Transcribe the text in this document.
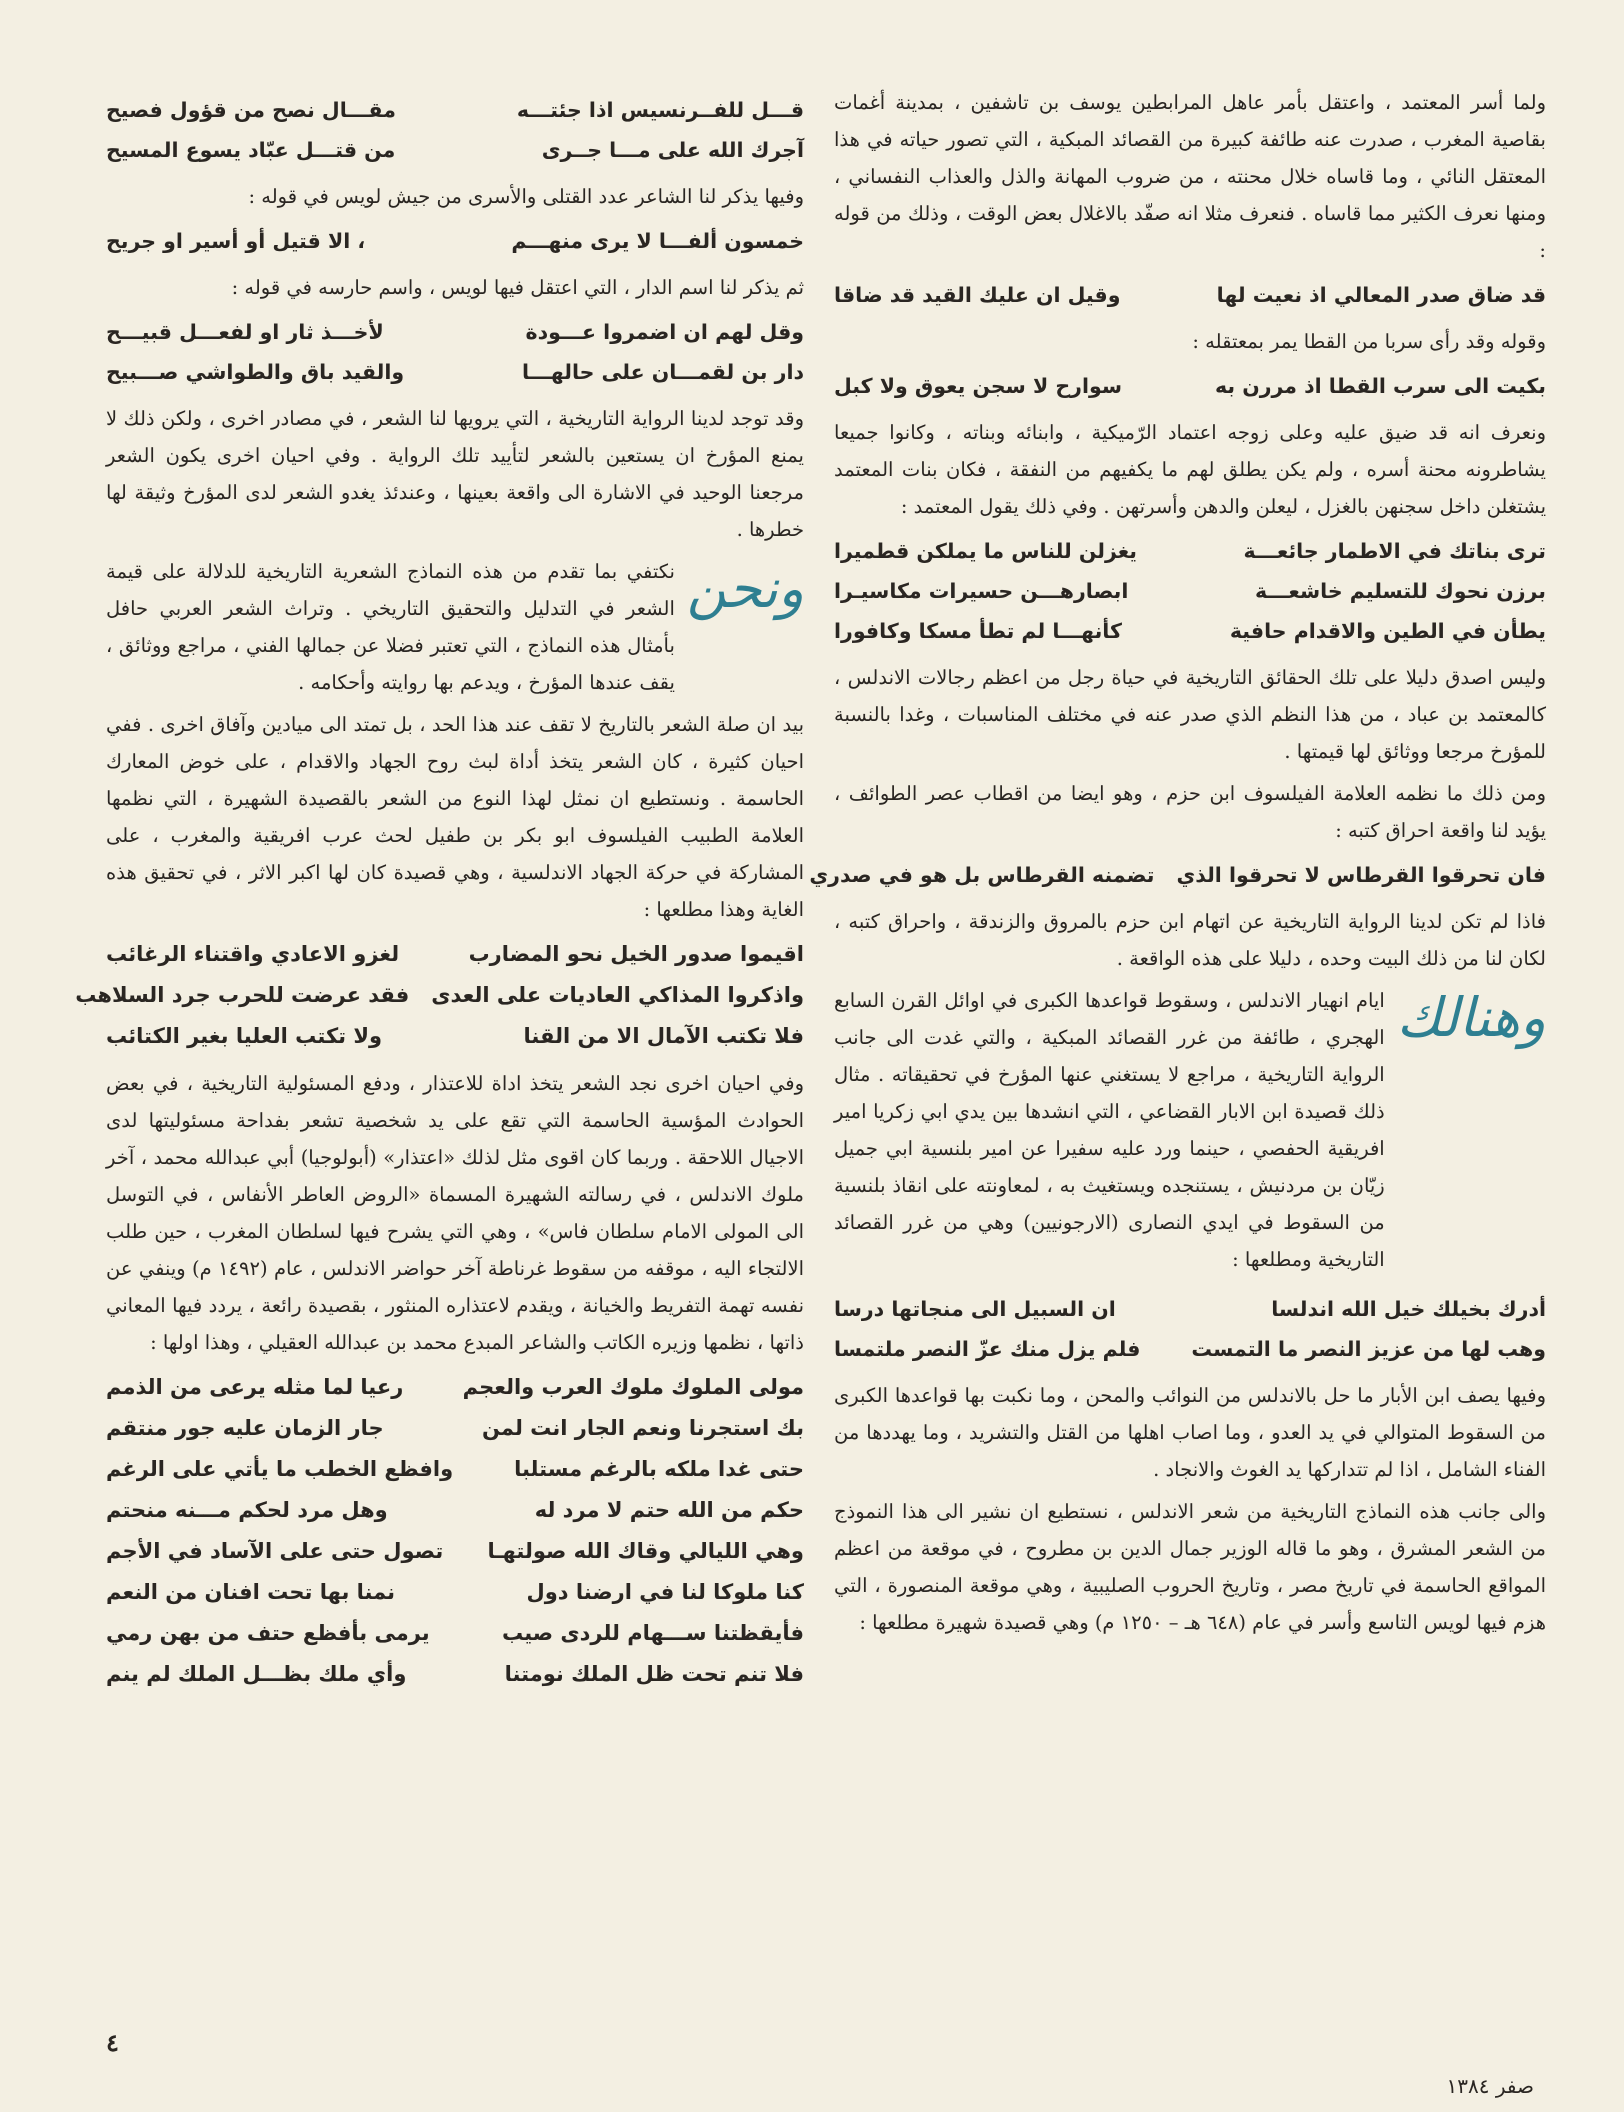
ولما أسر المعتمد ، واعتقل بأمر عاهل المرابطين يوسف بن تاشفين ، بمدينة أغمات بقاصية المغرب ، صدرت عنه طائفة كبيرة من القصائد المبكية ، التي تصور حياته في هذا المعتقل النائي ، وما قاساه خلال محنته ، من ضروب المهانة والذل والعذاب النفساني ، ومنها نعرف الكثير مما قاساه . فنعرف مثلا انه صفّد بالاغلال بعض الوقت ، وذلك من قوله :

قد ضاق صدر المعالي اذ نعيت لها
وقيل ان عليك القيد قد ضاقا

وقوله وقد رأى سربا من القطا يمر بمعتقله :

بكيت الى سرب القطا اذ مررن به
سوارح لا سجن يعوق ولا كبل

ونعرف انه قد ضيق عليه وعلى زوجه اعتماد الرّميكية ، وابنائه وبناته ، وكانوا جميعا يشاطرونه محنة أسره ، ولم يكن يطلق لهم ما يكفيهم من النفقة ، فكان بنات المعتمد يشتغلن داخل سجنهن بالغزل ، ليعلن والدهن وأسرتهن . وفي ذلك يقول المعتمد :

ترى بناتك في الاطمار جائعـــة
يغزلن للناس ما يملكن قطميرا
برزن نحوك للتسليم خاشعـــة
ابصارهـــن حسيرات مكاسيـرا
يطأن في الطين والاقدام حافية
كأنهـــا لم تطأ مسكا وكافورا

وليس اصدق دليلا على تلك الحقائق التاريخية في حياة رجل من اعظم رجالات الاندلس ، كالمعتمد بن عباد ، من هذا النظم الذي صدر عنه في مختلف المناسبات ، وغدا بالنسبة للمؤرخ مرجعا ووثائق لها قيمتها .

ومن ذلك ما نظمه العلامة الفيلسوف ابن حزم ، وهو ايضا من اقطاب عصر الطوائف ، يؤيد لنا واقعة احراق كتبه :

فان تحرقوا القرطاس لا تحرقوا الذي
تضمنه القرطاس بل هو في صدري

فاذا لم تكن لدينا الرواية التاريخية عن اتهام ابن حزم بالمروق والزندقة ، واحراق كتبه ، لكان لنا من ذلك البيت وحده ، دليلا على هذه الواقعة .

وهنالك

ايام انهيار الاندلس ، وسقوط قواعدها الكبرى في اوائل القرن السابع الهجري ، طائفة من غرر القصائد المبكية ، والتي غدت الى جانب الرواية التاريخية ، مراجع لا يستغني عنها المؤرخ في تحقيقاته . مثال ذلك قصيدة ابن الابار القضاعي ، التي انشدها بين يدي ابي زكريا امير افريقية الحفصي ، حينما ورد عليه سفيرا عن امير بلنسية ابي جميل زيّان بن مردنيش ، يستنجده ويستغيث به ، لمعاونته على انقاذ بلنسية من السقوط في ايدي النصارى (الارجونيين) وهي من غرر القصائد التاريخية ومطلعها :

أدرك بخيلك خيل الله اندلسا
ان السبيل الى منجاتها درسا
وهب لها من عزيز النصر ما التمست
فلم يزل منك عزّ النصر ملتمسا

وفيها يصف ابن الأبار ما حل بالاندلس من النوائب والمحن ، وما نكبت بها قواعدها الكبرى من السقوط المتوالي في يد العدو ، وما اصاب اهلها من القتل والتشريد ، وما يهددها من الفناء الشامل ، اذا لم تتداركها يد الغوث والانجاد .

والى جانب هذه النماذج التاريخية من شعر الاندلس ، نستطيع ان نشير الى هذا النموذج من الشعر المشرق ، وهو ما قاله الوزير جمال الدين بن مطروح ، في موقعة من اعظم المواقع الحاسمة في تاريخ مصر ، وتاريخ الحروب الصليبية ، وهي موقعة المنصورة ، التي هزم فيها لويس التاسع وأسر في عام (٦٤٨ هـ – ١٢٥٠ م) وهي قصيدة شهيرة مطلعها :

قـــل للفــرنسيس اذا جئتـــه
مقـــال نصح من قؤول فصيح
آجرك الله على مـــا جــرى
من قتـــل عبّاد يسوع المسيح

وفيها يذكر لنا الشاعر عدد القتلى والأسرى من جيش لويس في قوله :

خمسون ألفـــا لا يرى منهـــم
، الا قتيل أو أسير او جريح

ثم يذكر لنا اسم الدار ، التي اعتقل فيها لويس ، واسم حارسه في قوله :

وقل لهم ان اضمروا عـــودة
لأخـــذ ثار او لفعـــل قبيـــح
دار بن لقمـــان على حالهـــا
والقيد باق والطواشي صـــبيح

وقد توجد لدينا الرواية التاريخية ، التي يرويها لنا الشعر ، في مصادر اخرى ، ولكن ذلك لا يمنع المؤرخ ان يستعين بالشعر لتأييد تلك الرواية . وفي احيان اخرى يكون الشعر مرجعنا الوحيد في الاشارة الى واقعة بعينها ، وعندئذ يغدو الشعر لدى المؤرخ وثيقة لها خطرها .

ونحن

نكتفي بما تقدم من هذه النماذج الشعرية التاريخية للدلالة على قيمة الشعر في التدليل والتحقيق التاريخي . وتراث الشعر العربي حافل بأمثال هذه النماذج ، التي تعتبر فضلا عن جمالها الفني ، مراجع ووثائق ، يقف عندها المؤرخ ، ويدعم بها روايته وأحكامه .

بيد ان صلة الشعر بالتاريخ لا تقف عند هذا الحد ، بل تمتد الى ميادين وآفاق اخرى . ففي احيان كثيرة ، كان الشعر يتخذ أداة لبث روح الجهاد والاقدام ، على خوض المعارك الحاسمة . ونستطيع ان نمثل لهذا النوع من الشعر بالقصيدة الشهيرة ، التي نظمها العلامة الطبيب الفيلسوف ابو بكر بن طفيل لحث عرب افريقية والمغرب ، على المشاركة في حركة الجهاد الاندلسية ، وهي قصيدة كان لها اكبر الاثر ، في تحقيق هذه الغاية وهذا مطلعها :

اقيموا صدور الخيل نحو المضارب
لغزو الاعادي واقتناء الرغائب
واذكروا المذاكي العاديات على العدى
فقد عرضت للحرب جرد السلاهب
فلا تكتب الآمال الا من القنا
ولا تكتب العليا بغير الكتائب

وفي احيان اخرى نجد الشعر يتخذ اداة للاعتذار ، ودفع المسئولية التاريخية ، في بعض الحوادث المؤسية الحاسمة التي تقع على يد شخصية تشعر بفداحة مسئوليتها لدى الاجيال اللاحقة . وربما كان اقوى مثل لذلك «اعتذار» (أبولوجيا) أبي عبدالله محمد ، آخر ملوك الاندلس ، في رسالته الشهيرة المسماة «الروض العاطر الأنفاس ، في التوسل الى المولى الامام سلطان فاس» ، وهي التي يشرح فيها لسلطان المغرب ، حين طلب الالتجاء اليه ، موقفه من سقوط غرناطة آخر حواضر الاندلس ، عام (١٤٩٢ م) وينفي عن نفسه تهمة التفريط والخيانة ، ويقدم لاعتذاره المنثور ، بقصيدة رائعة ، يردد فيها المعاني ذاتها ، نظمها وزيره الكاتب والشاعر المبدع محمد بن عبدالله العقيلي ، وهذا اولها :

مولى الملوك ملوك العرب والعجم
رعيا لما مثله يرعى من الذمم
بك استجرنا ونعم الجار انت لمن
جار الزمان عليه جور منتقم
حتى غدا ملكه بالرغم مستلبا
وافظع الخطب ما يأتي على الرغم
حكم من الله حتم لا مرد له
وهل مرد لحكم مـــنه منحتم
وهي الليالي وقاك الله صولتهـا
تصول حتى على الآساد في الأجم
كنا ملوكا لنا في ارضنا دول
نمنا بها تحت افنان من النعم
فأيقظتنا ســـهام للردى صيب
يرمى بأفظع حتف من بهن رمي
فلا تنم تحت ظل الملك نومتنا
وأي ملك بظـــل الملك لم ينم
٤
صفر ١٣٨٤
